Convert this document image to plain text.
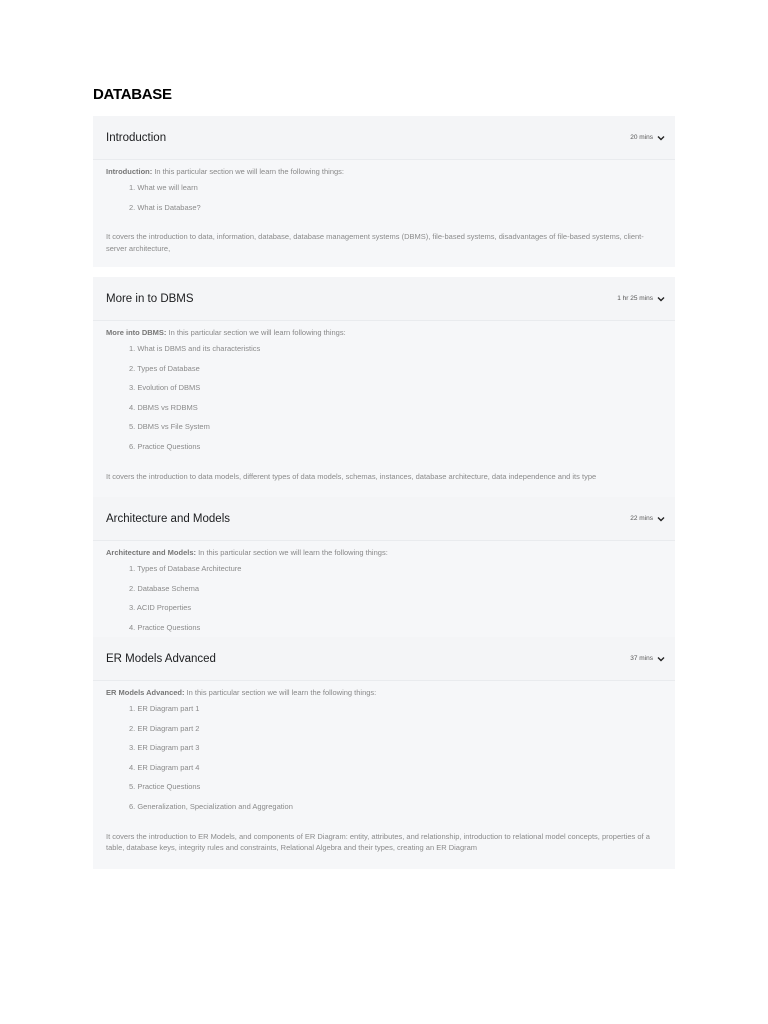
DATABASE
Introduction	20 mins

Introduction: In this particular section we will learn the following things:

1. What we will learn
2. What is Database?

It covers the introduction to data, information, database, database management systems (DBMS), file-based systems, disadvantages of file-based systems, client-server architecture,

More in to DBMS	1 hr 25 mins

More into DBMS: In this particular section we will learn following things:

1. What is DBMS and its characteristics
2. Types of Database
3. Evolution of DBMS
4. DBMS vs RDBMS
5. DBMS vs File System
6. Practice Questions

It covers the introduction to data models, different types of data models, schemas, instances, database architecture, data independence and its type

Architecture and Models	22 mins

Architecture and Models: In this particular section we will learn the following things:

1. Types of Database Architecture
2. Database Schema
3. ACID Properties
4. Practice Questions
ER Models Advanced	37 mins

ER Models Advanced: In this particular section we will learn the following things:

1. ER Diagram part 1
2. ER Diagram part 2
3. ER Diagram part 3
4. ER Diagram part 4
5. Practice Questions
6. Generalization, Specialization and Aggregation

It covers the introduction to ER Models, and components of ER Diagram: entity, attributes, and relationship, introduction to relational model concepts, properties of a table, database keys, integrity rules and constraints, Relational Algebra and their types, creating an ER Diagram
